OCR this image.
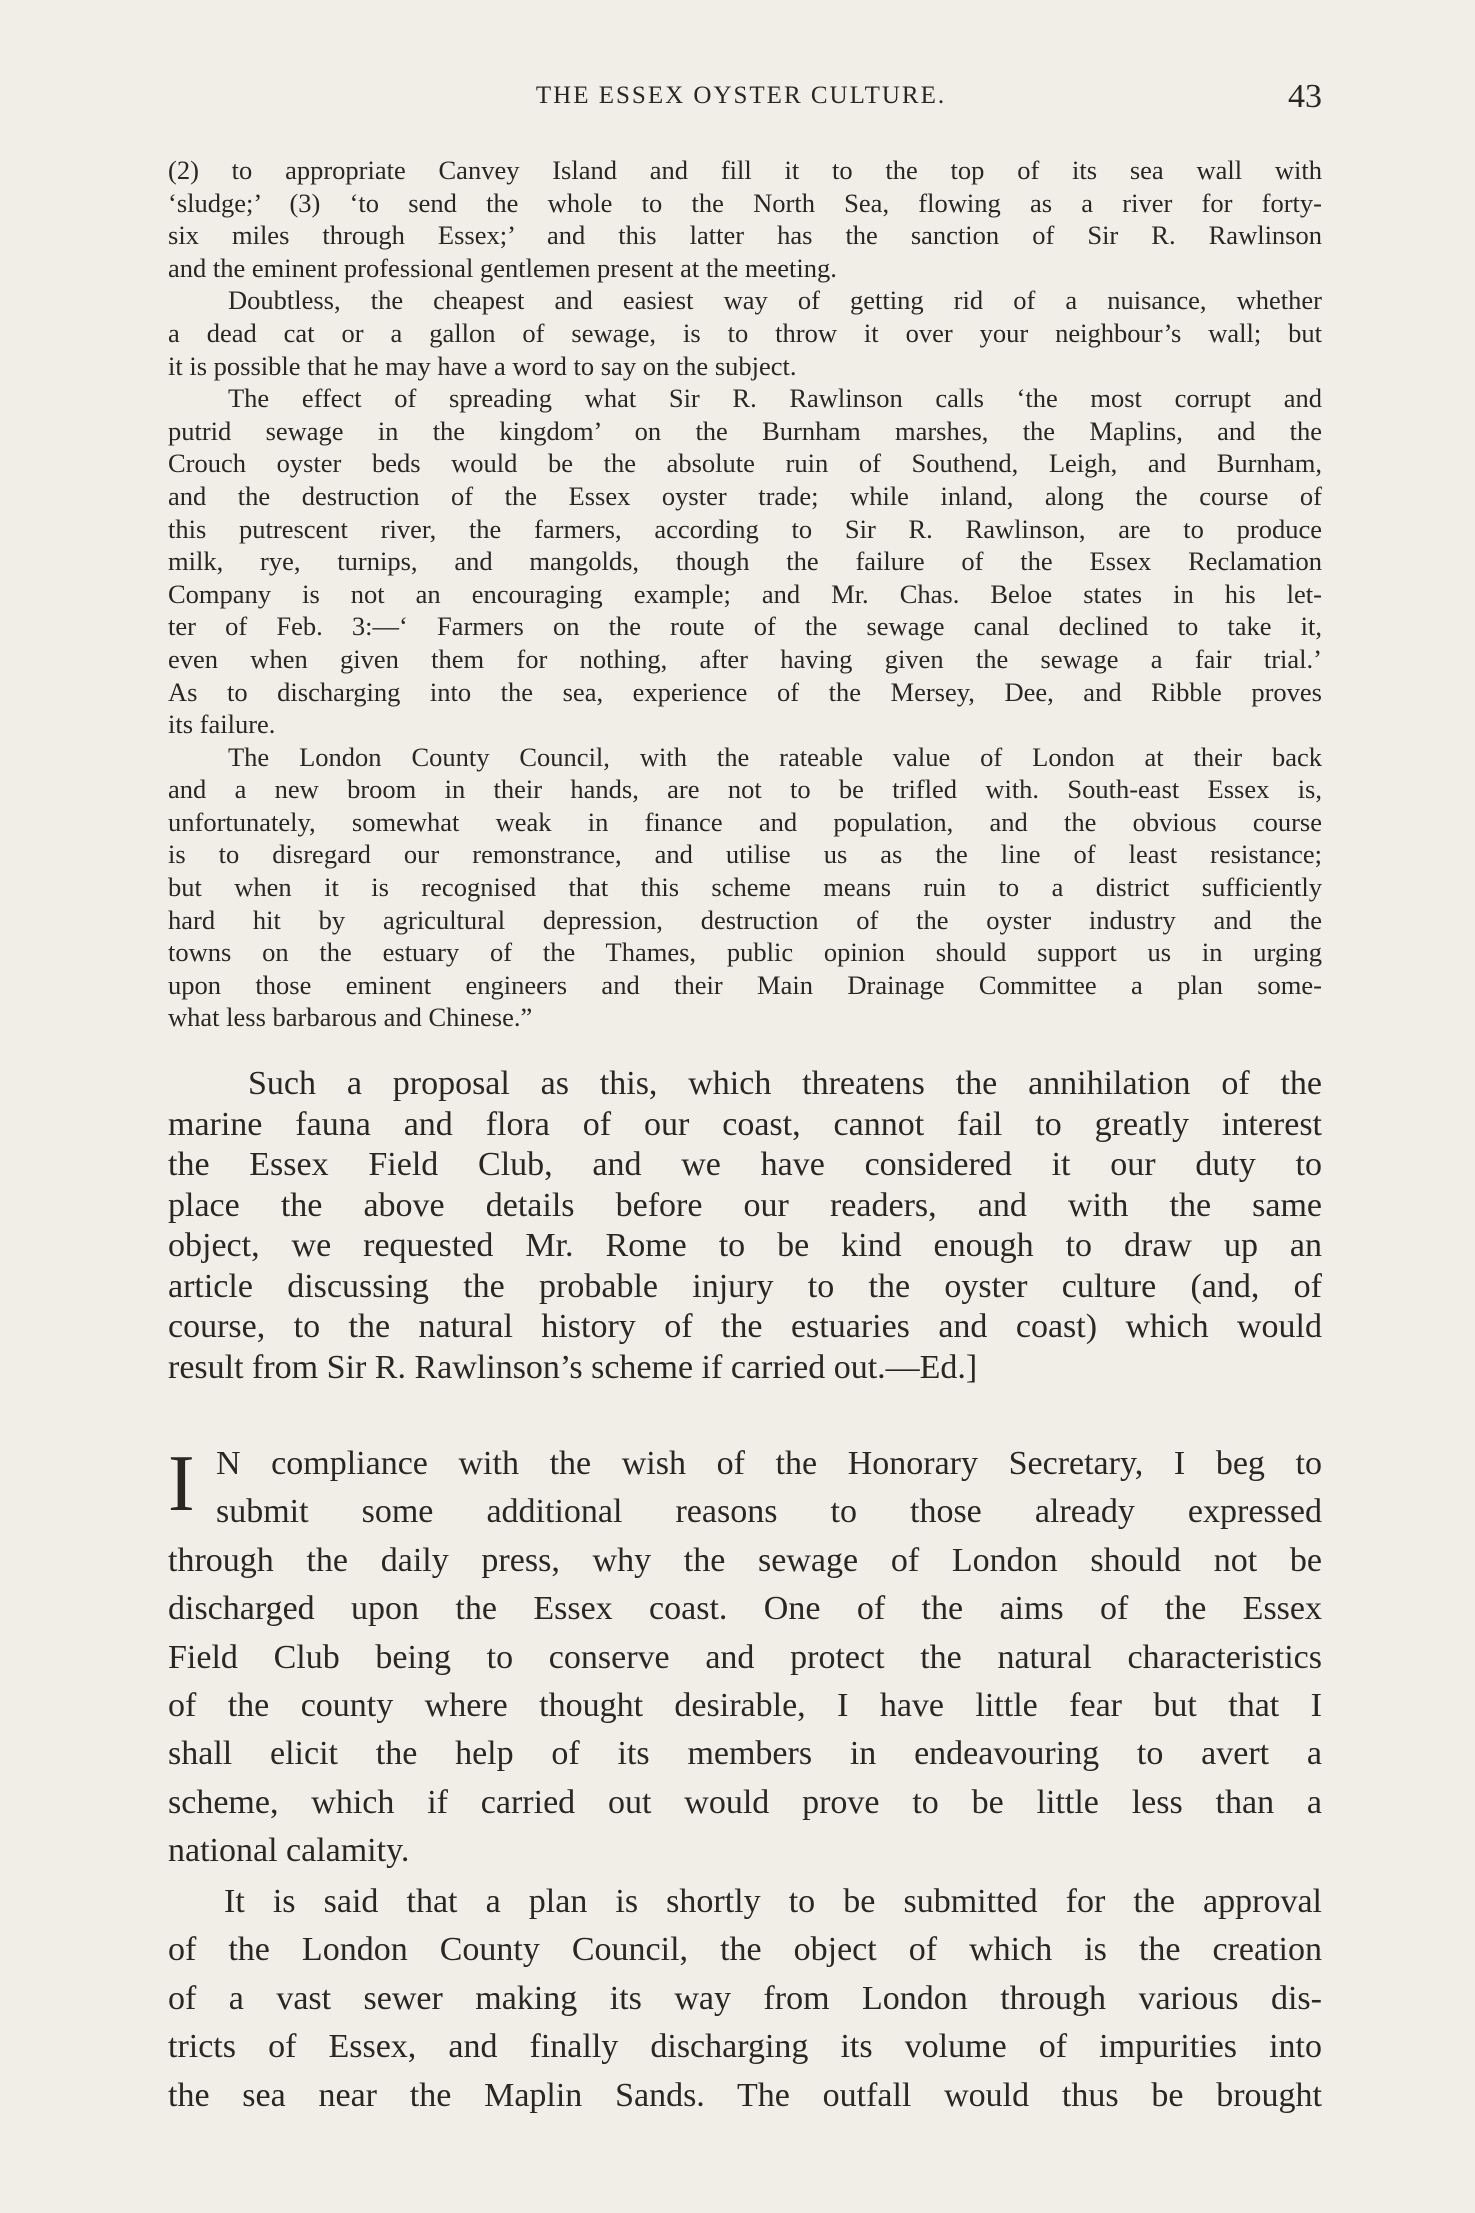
THE ESSEX OYSTER CULTURE.	43
(2) to appropriate Canvey Island and fill it to the top of its sea wall with
‘sludge;’ (3) ‘to send the whole to the North Sea, flowing as a river for forty-
six miles through Essex;’ and this latter has the sanction of Sir R. Rawlinson
and the eminent professional gentlemen present at the meeting.
Doubtless, the cheapest and easiest way of getting rid of a nuisance, whether
a dead cat or a gallon of sewage, is to throw it over your neighbour’s wall; but
it is possible that he may have a word to say on the subject.
The effect of spreading what Sir R. Rawlinson calls ‘the most corrupt and
putrid sewage in the kingdom’ on the Burnham marshes, the Maplins, and the
Crouch oyster beds would be the absolute ruin of Southend, Leigh, and Burnham,
and the destruction of the Essex oyster trade; while inland, along the course of
this putrescent river, the farmers, according to Sir R. Rawlinson, are to produce
milk, rye, turnips, and mangolds, though the failure of the Essex Reclamation
Company is not an encouraging example; and Mr. Chas. Beloe states in his let-
ter of Feb. 3:—‘ Farmers on the route of the sewage canal declined to take it,
even when given them for nothing, after having given the sewage a fair trial.’
As to discharging into the sea, experience of the Mersey, Dee, and Ribble proves
its failure.
The London County Council, with the rateable value of London at their back
and a new broom in their hands, are not to be trifled with. South-east Essex is,
unfortunately, somewhat weak in finance and population, and the obvious course
is to disregard our remonstrance, and utilise us as the line of least resistance;
but when it is recognised that this scheme means ruin to a district sufficiently
hard hit by agricultural depression, destruction of the oyster industry and the
towns on the estuary of the Thames, public opinion should support us in urging
upon those eminent engineers and their Main Drainage Committee a plan some-
what less barbarous and Chinese.”
Such a proposal as this, which threatens the annihilation of the
marine fauna and flora of our coast, cannot fail to greatly interest
the Essex Field Club, and we have considered it our duty to
place the above details before our readers, and with the same
object, we requested Mr. Rome to be kind enough to draw up an
article discussing the probable injury to the oyster culture (and, of
course, to the natural history of the estuaries and coast) which would
result from Sir R. Rawlinson’s scheme if carried out.—Ed.]
I N compliance with the wish of the Honorary Secretary, I beg to
submit some additional reasons to those already expressed
through the daily press, why the sewage of London should not be
discharged upon the Essex coast. One of the aims of the Essex
Field Club being to conserve and protect the natural characteristics
of the county where thought desirable, I have little fear but that I
shall elicit the help of its members in endeavouring to avert a
scheme, which if carried out would prove to be little less than a
national calamity.
It is said that a plan is shortly to be submitted for the approval
of the London County Council, the object of which is the creation
of a vast sewer making its way from London through various dis-
tricts of Essex, and finally discharging its volume of impurities into
the sea near the Maplin Sands. The outfall would thus be brought
